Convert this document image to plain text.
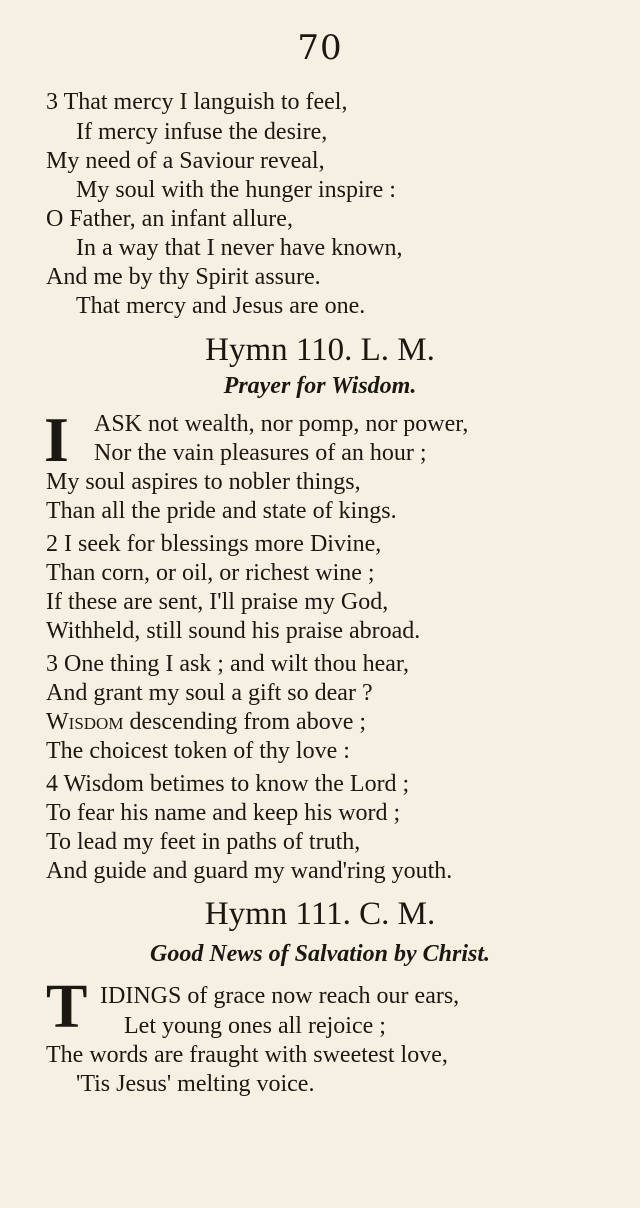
70
3 That mercy I languish to feel,
If mercy infuse the desire,
My need of a Saviour reveal,
My soul with the hunger inspire :
O Father, an infant allure,
In a way that I never have known,
And me by thy Spirit assure.
That mercy and Jesus are one.
Hymn 110. L. M.
Prayer for Wisdom.
I ASK not wealth, nor pomp, nor power,
Nor the vain pleasures of an hour ;
My soul aspires to nobler things,
Than all the pride and state of kings.
2 I seek for blessings more Divine,
Than corn, or oil, or richest wine ;
If these are sent, I'll praise my God,
Withheld, still sound his praise abroad.
3 One thing I ask ; and wilt thou hear,
And grant my soul a gift so dear ?
Wisdom descending from above ;
The choicest token of thy love :
4 Wisdom betimes to know the Lord ;
To fear his name and keep his word ;
To lead my feet in paths of truth,
And guide and guard my wand'ring youth.
Hymn 111. C. M.
Good News of Salvation by Christ.
T IDINGS of grace now reach our ears,
Let young ones all rejoice ;
The words are fraught with sweetest love,
'Tis Jesus' melting voice.
